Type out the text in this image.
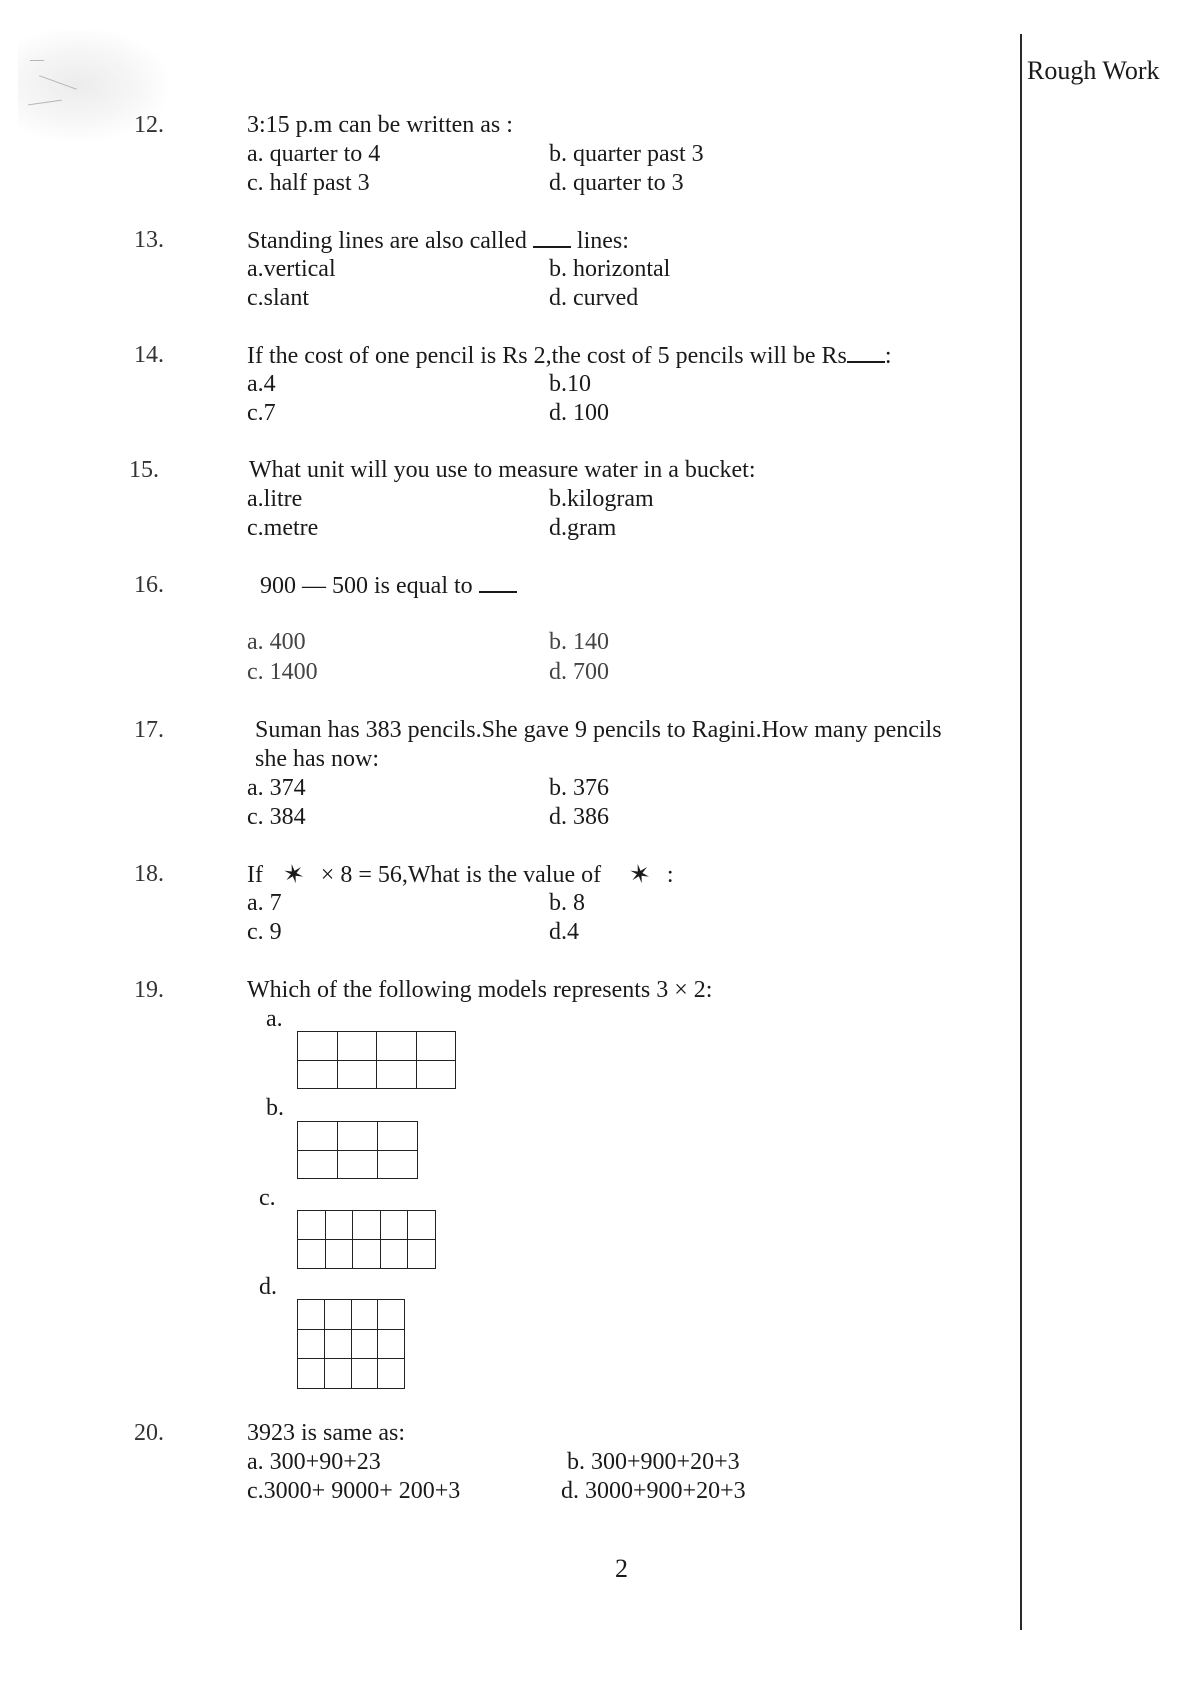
Rough Work
12.	3:15 p.m can be written as :
a. quarter to 4	b. quarter past 3
c. half past 3	d. quarter to 3
13.	Standing lines are also called lines:
a.vertical	b. horizontal
c.slant	d. curved
14.	If the cost of one pencil is Rs 2,the cost of 5 pencils will be Rs :
a.4	b.10
c.7	d. 100
15.	What unit will you use to measure water in a bucket:
a.litre	b.kilogram
c.metre	d.gram
16.	900 — 500 is equal to
a. 400	b. 140
c. 1400	d. 700
17.	Suman has 383 pencils.She gave 9 pencils to Ragini.How many pencils
she has now:
a. 374	b. 376
c. 384	d. 386
18.	If ✶ × 8 = 56,What is the value of ✶ :
a. 7	b. 8
c. 9	d.4
19.	Which of the following models represents 3 × 2:
a.
b.
c.
d.

20.	3923 is same as:
a. 300+90+23	b. 300+900+20+3
c.3000+ 9000+ 200+3	d. 3000+900+20+3
2
